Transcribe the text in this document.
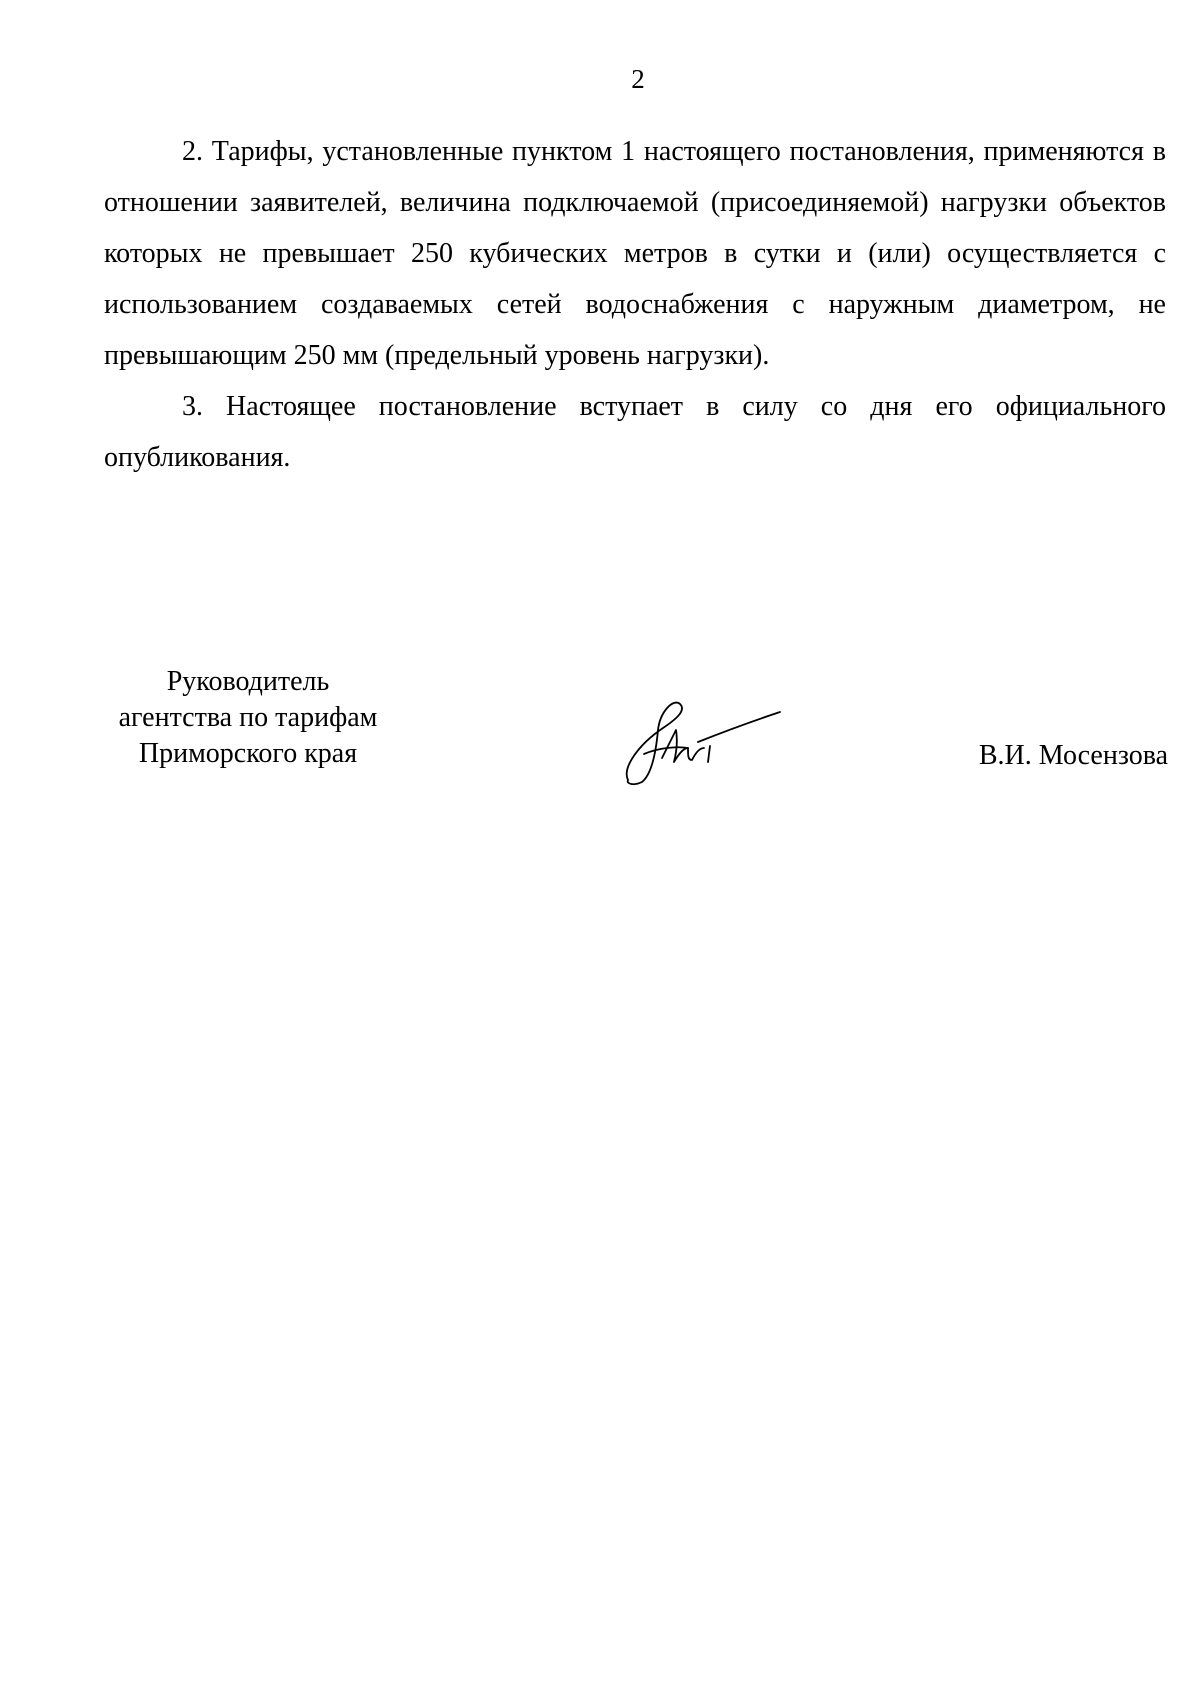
2

2. Тарифы, установленные пунктом 1 настоящего постановления, применяются в отношении заявителей, величина подключаемой (присоединяемой) нагрузки объектов которых не превышает 250 кубических метров в сутки и (или) осуществляется с использованием создаваемых сетей водоснабжения с наружным диаметром, не превышающим 250 мм (предельный уровень нагрузки).

3. Настоящее постановление вступает в силу со дня его официального опубликования.

Руководитель
агентства по тарифам
Приморского края	В.И. Мосензова
